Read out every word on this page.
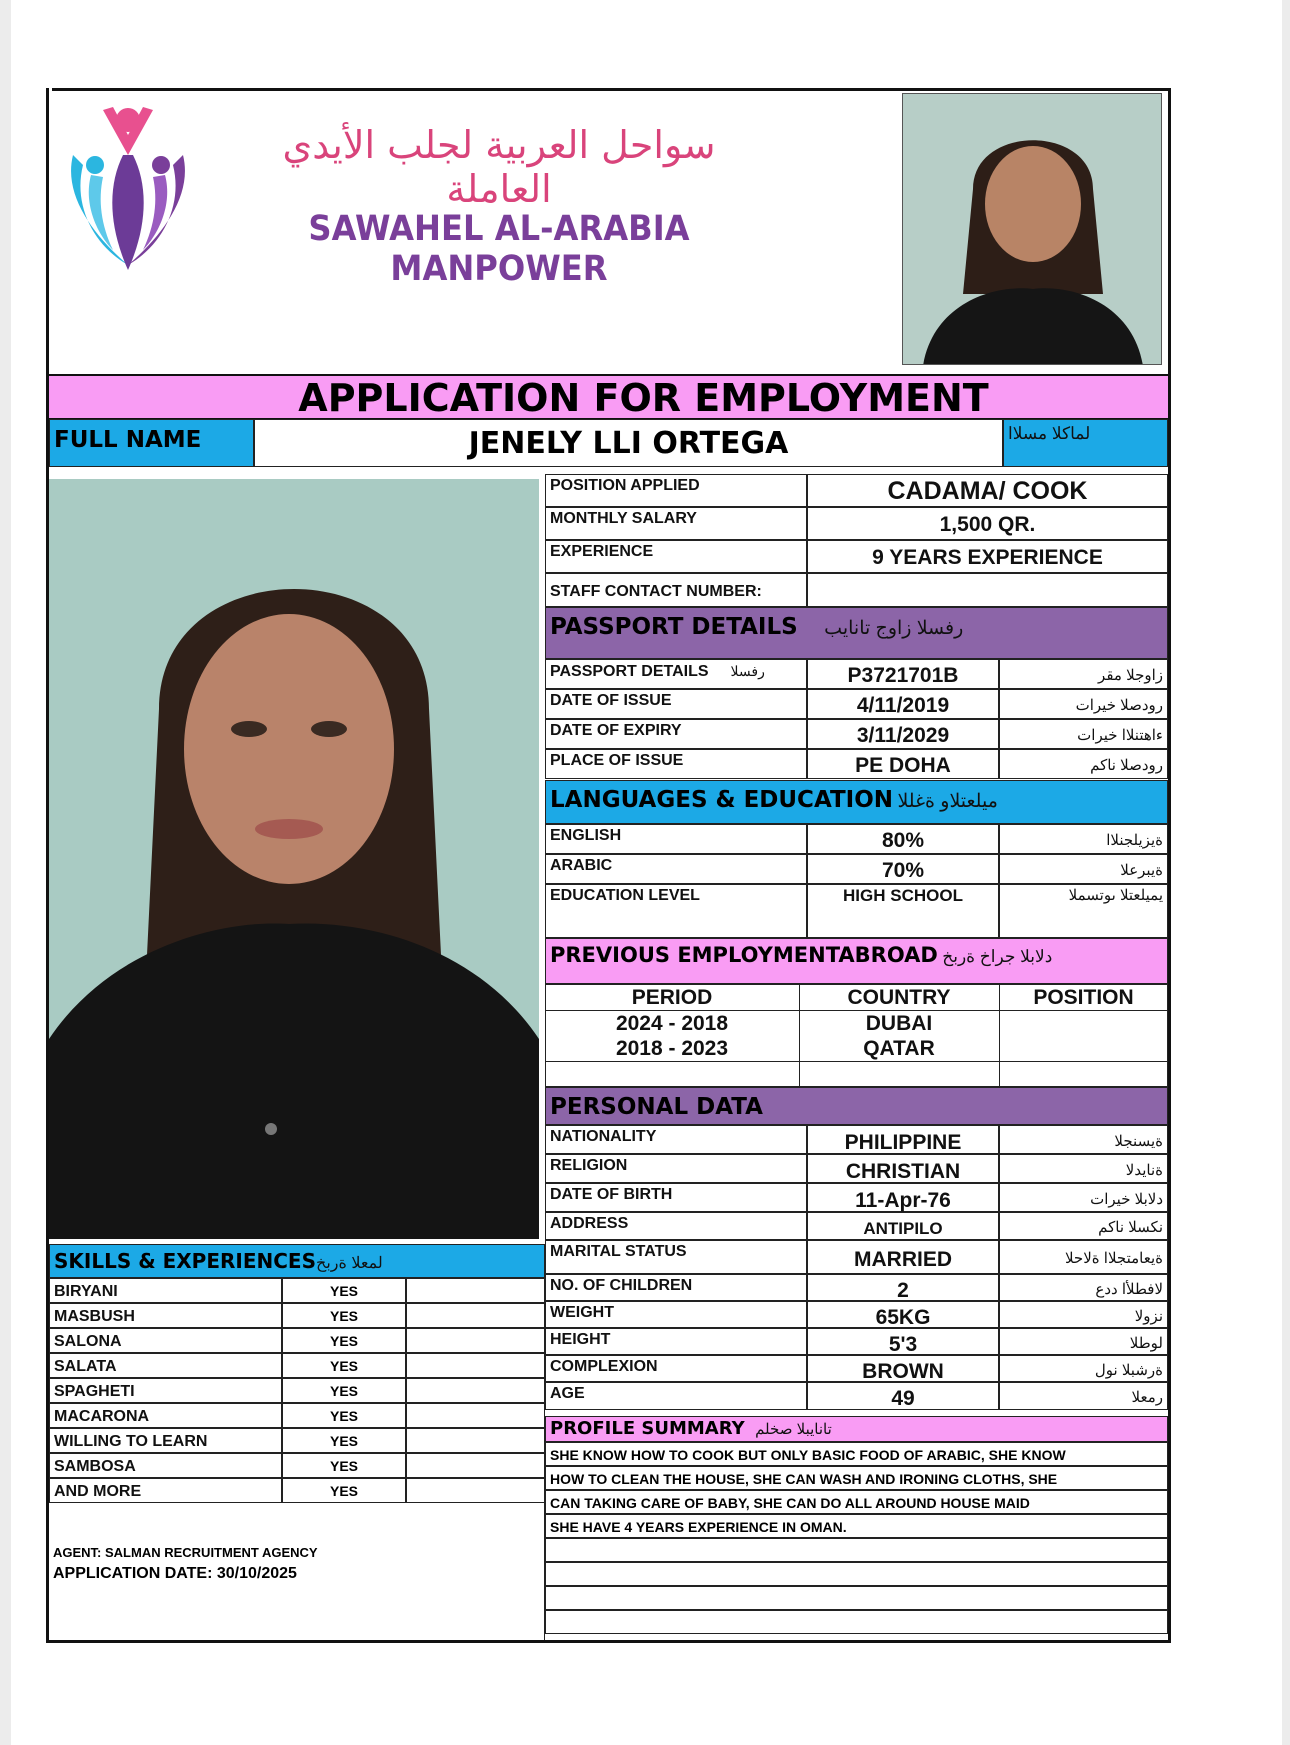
سواحل العربية لجلب الأيدي العاملة
SAWAHEL AL-ARABIA MANPOWER
APPLICATION FOR EMPLOYMENT
FULL NAME	JENELY LLI ORTEGA	لماكلا مسلاا
POSITION APPLIED	CADAMA/ COOK
MONTHLY SALARY	1,500 QR.
EXPERIENCE	9 YEARS EXPERIENCE
STAFF CONTACT NUMBER:
PASSPORT DETAILS رفسلا زاوج تانايب
PASSPORT DETAILS رفسلا	P3721701B	زاوجلا مقر
DATE OF ISSUE	4/11/2019	رودصلا خيرات
DATE OF EXPIRY	3/11/2029	ءاهتنلاا خيرات
PLACE OF ISSUE	PE DOHA	رودصلا ناكم
LANGUAGES & EDUCATION ميلعتلاو ةغللا
ENGLISH	80%	ةيزيلجنلاا
ARABIC	70%	ةيبرعلا
EDUCATION LEVEL	HIGH SCHOOL	يميلعتلا ىوتسملا
PREVIOUS EMPLOYMENTABROAD دلابلا جراخ ةربخ
PERIOD	COUNTRY	POSITION
2024 - 2018	DUBAI
2018 - 2023	QATAR
PERSONAL DATA
NATIONALITY	PHILIPPINE	ةيسنجلا
RELIGION	CHRISTIAN	ةنايدلا
DATE OF BIRTH	11-Apr-76	دلابلا خيرات
ADDRESS	ANTIPILO	نكسلا ناكم
MARITAL STATUS	MARRIED	ةيعامتجلاا ةلاحلا
NO. OF CHILDREN	2	لافطلأا ددع
WEIGHT	65KG	نزولا
HEIGHT	5'3	لوطلا
COMPLEXION	BROWN	ةرشبلا نول
AGE	49	رمعلا
SKILLS & EXPERIENCESلمعلا ةربخ
BIRYANI	YES
MASBUSH	YES
SALONA	YES
SALATA	YES
SPAGHETI	YES
MACARONA	YES
WILLING TO LEARN	YES
SAMBOSA	YES
AND MORE	YES
PROFILE SUMMARY تانايبلا صخلم
SHE KNOW HOW TO COOK BUT ONLY BASIC FOOD OF ARABIC, SHE KNOW
HOW TO CLEAN THE HOUSE, SHE CAN WASH AND IRONING CLOTHS, SHE
CAN TAKING CARE OF BABY, SHE CAN DO ALL AROUND HOUSE MAID
SHE HAVE 4 YEARS EXPERIENCE IN OMAN.
AGENT: SALMAN RECRUITMENT AGENCY
APPLICATION DATE: 30/10/2025
